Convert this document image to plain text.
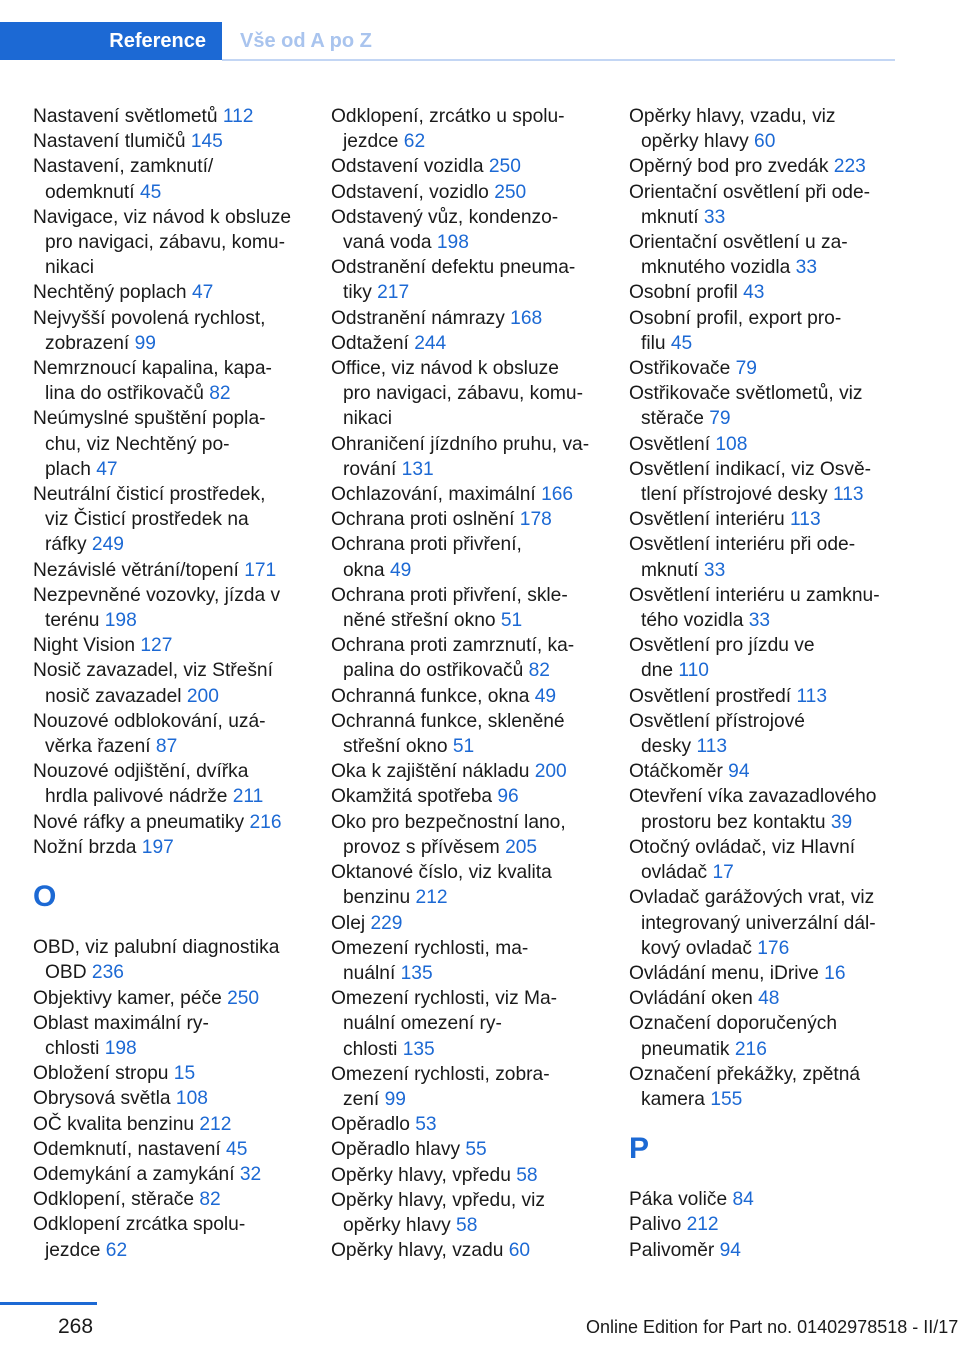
Reference	Vše od A po Z

Nastavení světlometů 112

Nastavení tlumičů 145

Nastavení, zamknutí/
odemknutí 45

Navigace, viz návod k obsluze
pro navigaci, zábavu, komu‐
nikaci

Nechtěný poplach 47

Nejvyšší povolená rychlost,
zobrazení 99

Nemrznoucí kapalina, kapa‐
lina do ostřikovačů 82

Neúmyslné spuštění popla‐
chu, viz Nechtěný po‐
plach 47

Neutrální čisticí prostředek,
viz Čisticí prostředek na
ráfky 249

Nezávislé větrání/topení 171

Nezpevněné vozovky, jízda v
terénu 198

Night Vision 127

Nosič zavazadel, viz Střešní
nosič zavazadel 200

Nouzové odblokování, uzá‐
věrka řazení 87

Nouzové odjištění, dvířka
hrdla palivové nádrže 211

Nové ráfky a pneumatiky 216

Nožní brzda 197

O

OBD, viz palubní diagnostika
OBD 236

Objektivy kamer, péče 250

Oblast maximální ry‐
chlosti 198

Obložení stropu 15

Obrysová světla 108

OČ kvalita benzinu 212

Odemknutí, nastavení 45

Odemykání a zamykání 32

Odklopení, stěrače 82

Odklopení zrcátka spolu‐
jezdce 62

Odklopení, zrcátko u spolu‐
jezdce 62

Odstavení vozidla 250

Odstavení, vozidlo 250

Odstavený vůz, kondenzo‐
vaná voda 198

Odstranění defektu pneuma‐
tiky 217

Odstranění námrazy 168

Odtažení 244

Office, viz návod k obsluze
pro navigaci, zábavu, komu‐
nikaci

Ohraničení jízdního pruhu, va‐
rování 131

Ochlazování, maximální 166

Ochrana proti oslnění 178

Ochrana proti přivření,
okna 49

Ochrana proti přivření, skle‐
něné střešní okno 51

Ochrana proti zamrznutí, ka‐
palina do ostřikovačů 82

Ochranná funkce, okna 49

Ochranná funkce, skleněné
střešní okno 51

Oka k zajištění nákladu 200

Okamžitá spotřeba 96

Oko pro bezpečnostní lano,
provoz s přívěsem 205

Oktanové číslo, viz kvalita
benzinu 212

Olej 229

Omezení rychlosti, ma‐
nuální 135

Omezení rychlosti, viz Ma‐
nuální omezení ry‐
chlosti 135

Omezení rychlosti, zobra‐
zení 99

Opěradlo 53

Opěradlo hlavy 55

Opěrky hlavy, vpředu 58

Opěrky hlavy, vpředu, viz
opěrky hlavy 58

Opěrky hlavy, vzadu 60

Opěrky hlavy, vzadu, viz
opěrky hlavy 60

Opěrný bod pro zvedák 223

Orientační osvětlení při ode‐
mknutí 33

Orientační osvětlení u za‐
mknutého vozidla 33

Osobní profil 43

Osobní profil, export pro‐
filu 45

Ostřikovače 79

Ostřikovače světlometů, viz
stěrače 79

Osvětlení 108

Osvětlení indikací, viz Osvě‐
tlení přístrojové desky 113

Osvětlení interiéru 113

Osvětlení interiéru při ode‐
mknutí 33

Osvětlení interiéru u zamknu‐
tého vozidla 33

Osvětlení pro jízdu ve
dne 110

Osvětlení prostředí 113

Osvětlení přístrojové
desky 113

Otáčkoměr 94

Otevření víka zavazadlového
prostoru bez kontaktu 39

Otočný ovládač, viz Hlavní
ovládač 17

Ovladač garážových vrat, viz
integrovaný univerzální dál‐
kový ovladač 176

Ovládání menu, iDrive 16

Ovládání oken 48

Označení doporučených
pneumatik 216

Označení překážky, zpětná
kamera 155

P

Páka voliče 84

Palivo 212

Palivoměr 94

268	Online Edition for Part no. 01402978518 - II/17
